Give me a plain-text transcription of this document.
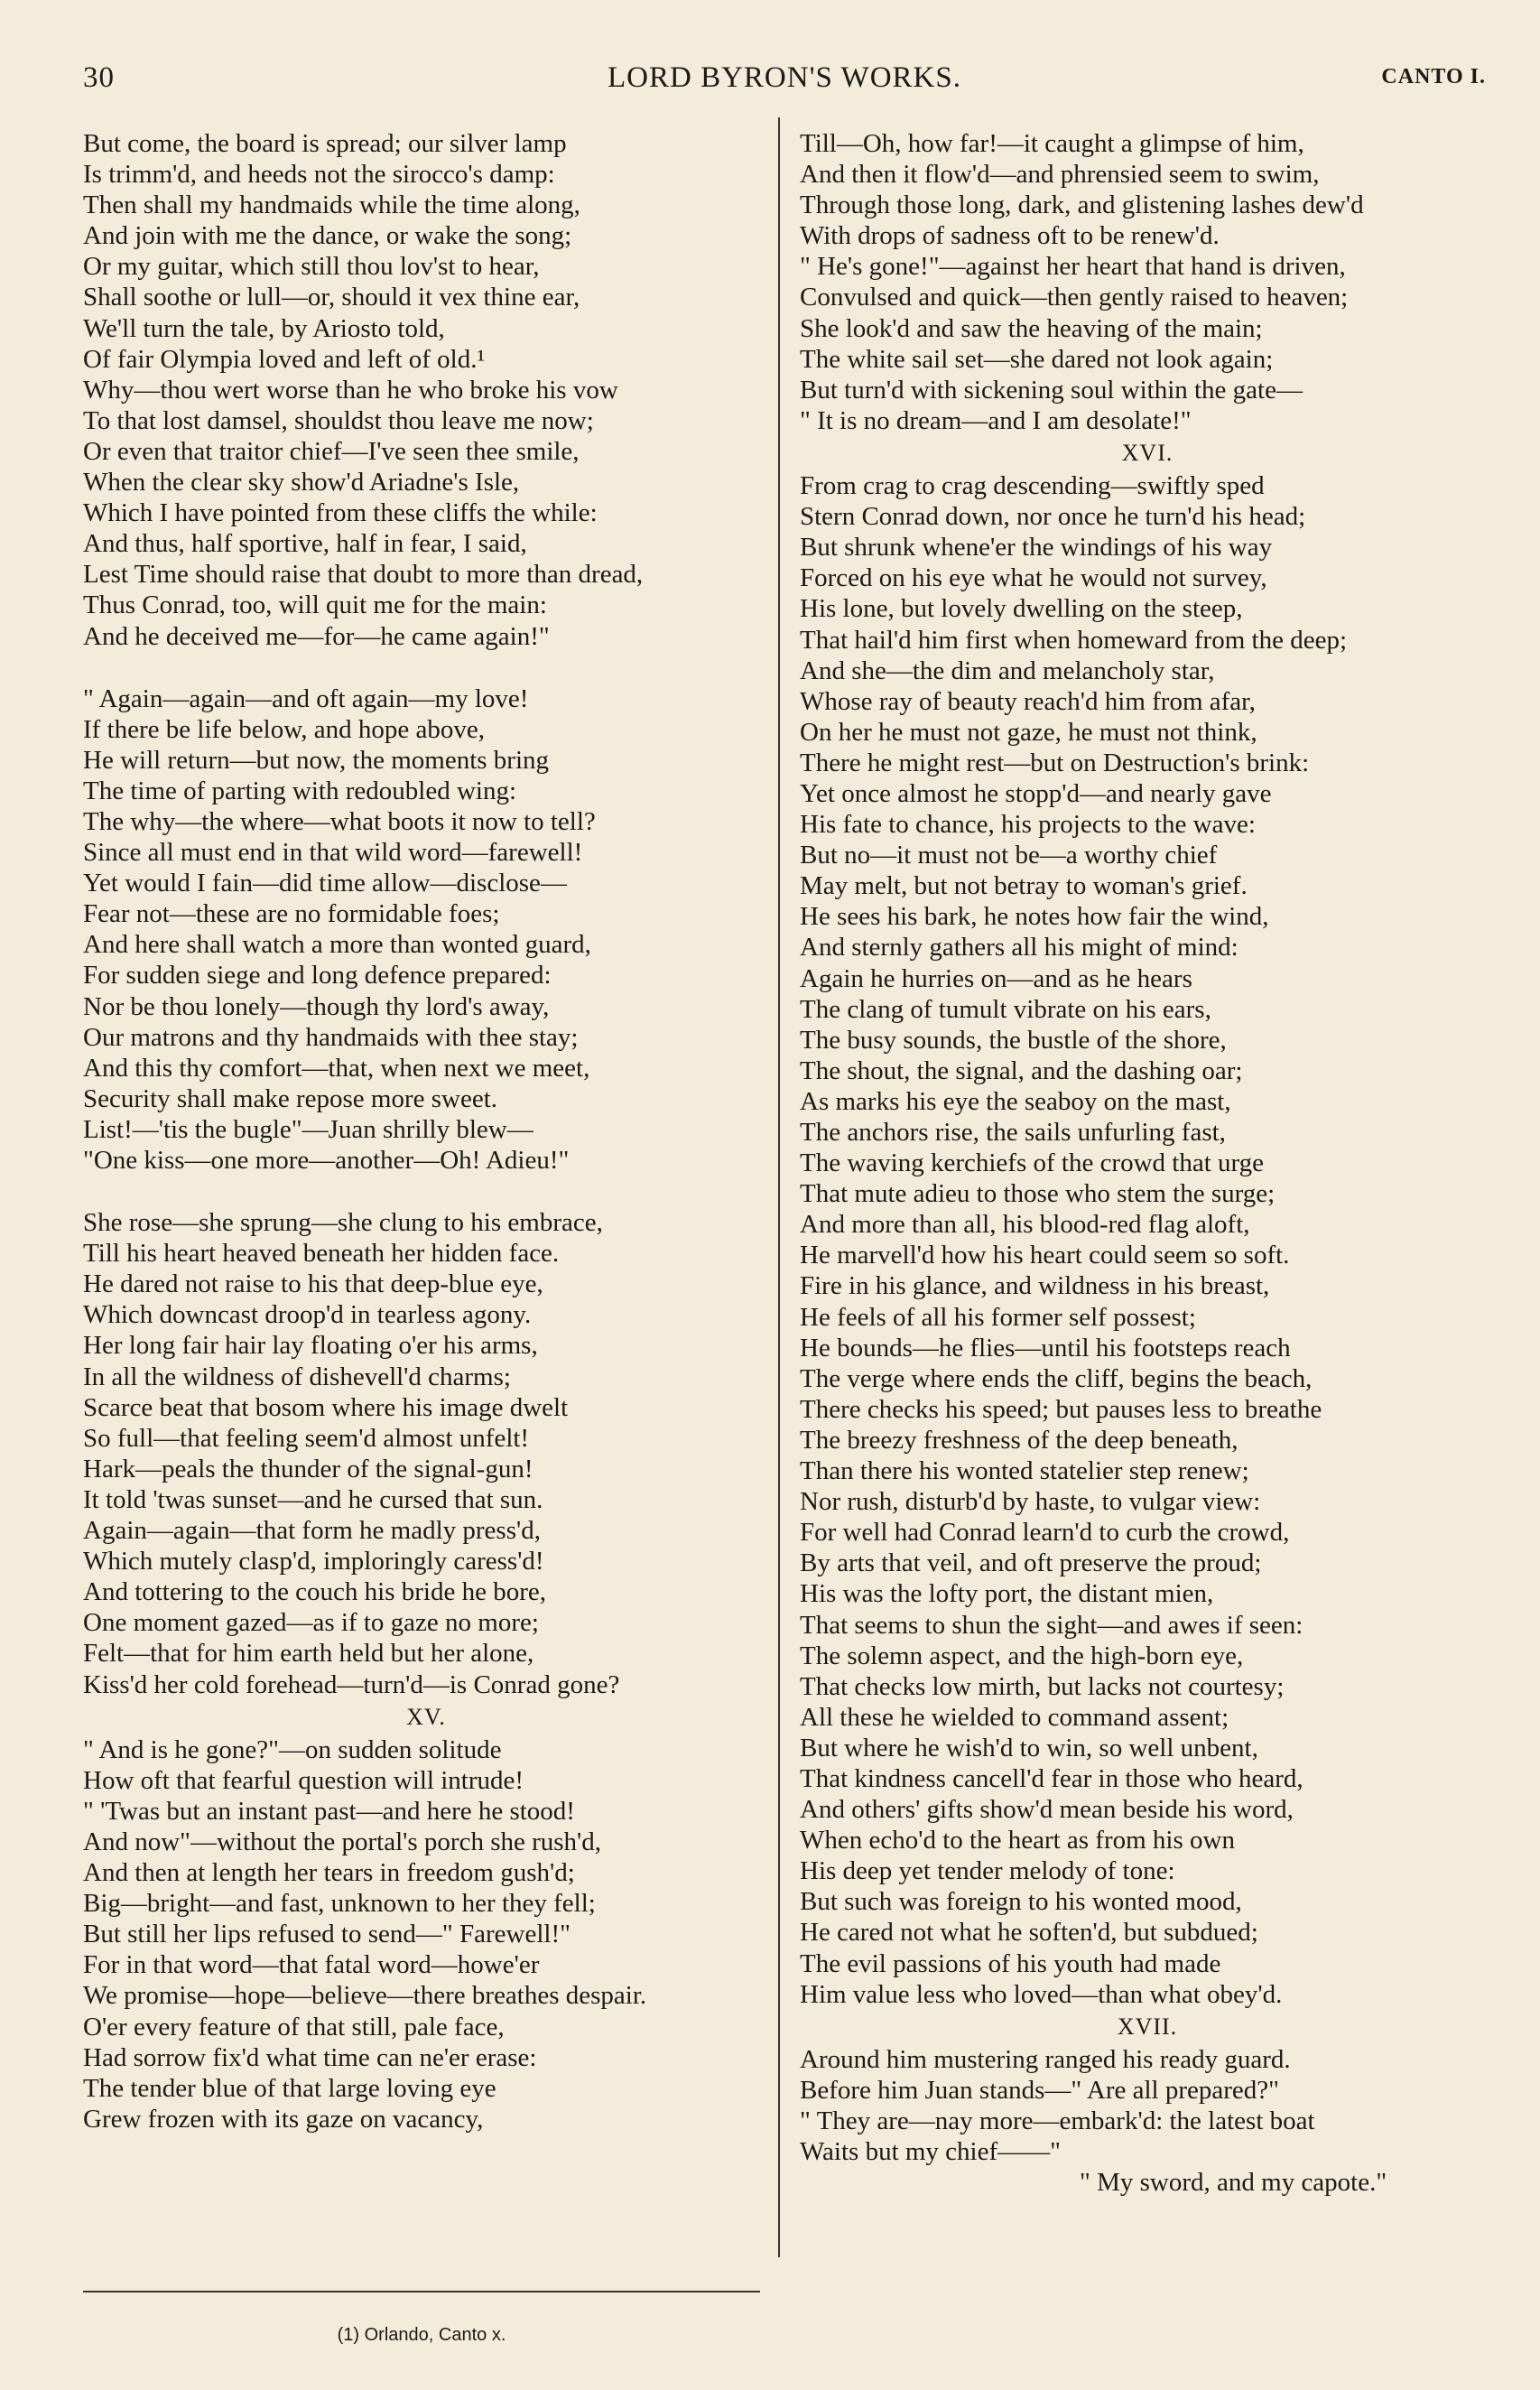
30	LORD BYRON'S WORKS.	CANTO I.
But come, the board is spread; our silver lamp
Is trimm'd, and heeds not the sirocco's damp:
Then shall my handmaids while the time along,
And join with me the dance, or wake the song;
Or my guitar, which still thou lov'st to hear,
Shall soothe or lull—or, should it vex thine ear,
We'll turn the tale, by Ariosto told,
Of fair Olympia loved and left of old.¹
Why—thou wert worse than he who broke his vow
To that lost damsel, shouldst thou leave me now;
Or even that traitor chief—I've seen thee smile,
When the clear sky show'd Ariadne's Isle,
Which I have pointed from these cliffs the while:
And thus, half sportive, half in fear, I said,
Lest Time should raise that doubt to more than dread,
Thus Conrad, too, will quit me for the main:
And he deceived me—for—he came again!"
" Again—again—and oft again—my love!
If there be life below, and hope above,
He will return—but now, the moments bring
The time of parting with redoubled wing:
The why—the where—what boots it now to tell?
Since all must end in that wild word—farewell!
Yet would I fain—did time allow—disclose—
Fear not—these are no formidable foes;
And here shall watch a more than wonted guard,
For sudden siege and long defence prepared:
Nor be thou lonely—though thy lord's away,
Our matrons and thy handmaids with thee stay;
And this thy comfort—that, when next we meet,
Security shall make repose more sweet.
List!—'tis the bugle"—Juan shrilly blew—
"One kiss—one more—another—Oh! Adieu!"
She rose—she sprung—she clung to his embrace,
Till his heart heaved beneath her hidden face.
He dared not raise to his that deep-blue eye,
Which downcast droop'd in tearless agony.
Her long fair hair lay floating o'er his arms,
In all the wildness of dishevell'd charms;
Scarce beat that bosom where his image dwelt
So full—that feeling seem'd almost unfelt!
Hark—peals the thunder of the signal-gun!
It told 'twas sunset—and he cursed that sun.
Again—again—that form he madly press'd,
Which mutely clasp'd, imploringly caress'd!
And tottering to the couch his bride he bore,
One moment gazed—as if to gaze no more;
Felt—that for him earth held but her alone,
Kiss'd her cold forehead—turn'd—is Conrad gone?
XV.
" And is he gone?"—on sudden solitude
How oft that fearful question will intrude!
" 'Twas but an instant past—and here he stood!
And now"—without the portal's porch she rush'd,
And then at length her tears in freedom gush'd;
Big—bright—and fast, unknown to her they fell;
But still her lips refused to send—" Farewell!"
For in that word—that fatal word—howe'er
We promise—hope—believe—there breathes despair.
O'er every feature of that still, pale face,
Had sorrow fix'd what time can ne'er erase:
The tender blue of that large loving eye
Grew frozen with its gaze on vacancy,
Till—Oh, how far!—it caught a glimpse of him,
And then it flow'd—and phrensied seem to swim,
Through those long, dark, and glistening lashes dew'd
With drops of sadness oft to be renew'd.
" He's gone!"—against her heart that hand is driven,
Convulsed and quick—then gently raised to heaven;
She look'd and saw the heaving of the main;
The white sail set—she dared not look again;
But turn'd with sickening soul within the gate—
" It is no dream—and I am desolate!"
XVI.
From crag to crag descending—swiftly sped
Stern Conrad down, nor once he turn'd his head;
But shrunk whene'er the windings of his way
Forced on his eye what he would not survey,
His lone, but lovely dwelling on the steep,
That hail'd him first when homeward from the deep;
And she—the dim and melancholy star,
Whose ray of beauty reach'd him from afar,
On her he must not gaze, he must not think,
There he might rest—but on Destruction's brink:
Yet once almost he stopp'd—and nearly gave
His fate to chance, his projects to the wave:
But no—it must not be—a worthy chief
May melt, but not betray to woman's grief.
He sees his bark, he notes how fair the wind,
And sternly gathers all his might of mind:
Again he hurries on—and as he hears
The clang of tumult vibrate on his ears,
The busy sounds, the bustle of the shore,
The shout, the signal, and the dashing oar;
As marks his eye the seaboy on the mast,
The anchors rise, the sails unfurling fast,
The waving kerchiefs of the crowd that urge
That mute adieu to those who stem the surge;
And more than all, his blood-red flag aloft,
He marvell'd how his heart could seem so soft.
Fire in his glance, and wildness in his breast,
He feels of all his former self possest;
He bounds—he flies—until his footsteps reach
The verge where ends the cliff, begins the beach,
There checks his speed; but pauses less to breathe
The breezy freshness of the deep beneath,
Than there his wonted statelier step renew;
Nor rush, disturb'd by haste, to vulgar view:
For well had Conrad learn'd to curb the crowd,
By arts that veil, and oft preserve the proud;
His was the lofty port, the distant mien,
That seems to shun the sight—and awes if seen:
The solemn aspect, and the high-born eye,
That checks low mirth, but lacks not courtesy;
All these he wielded to command assent;
But where he wish'd to win, so well unbent,
That kindness cancell'd fear in those who heard,
And others' gifts show'd mean beside his word,
When echo'd to the heart as from his own
His deep yet tender melody of tone:
But such was foreign to his wonted mood,
He cared not what he soften'd, but subdued;
The evil passions of his youth had made
Him value less who loved—than what obey'd.
XVII.
Around him mustering ranged his ready guard.
Before him Juan stands—" Are all prepared?"
" They are—nay more—embark'd: the latest boat
Waits but my chief——"
" My sword, and my capote."
(1) Orlando, Canto x.
